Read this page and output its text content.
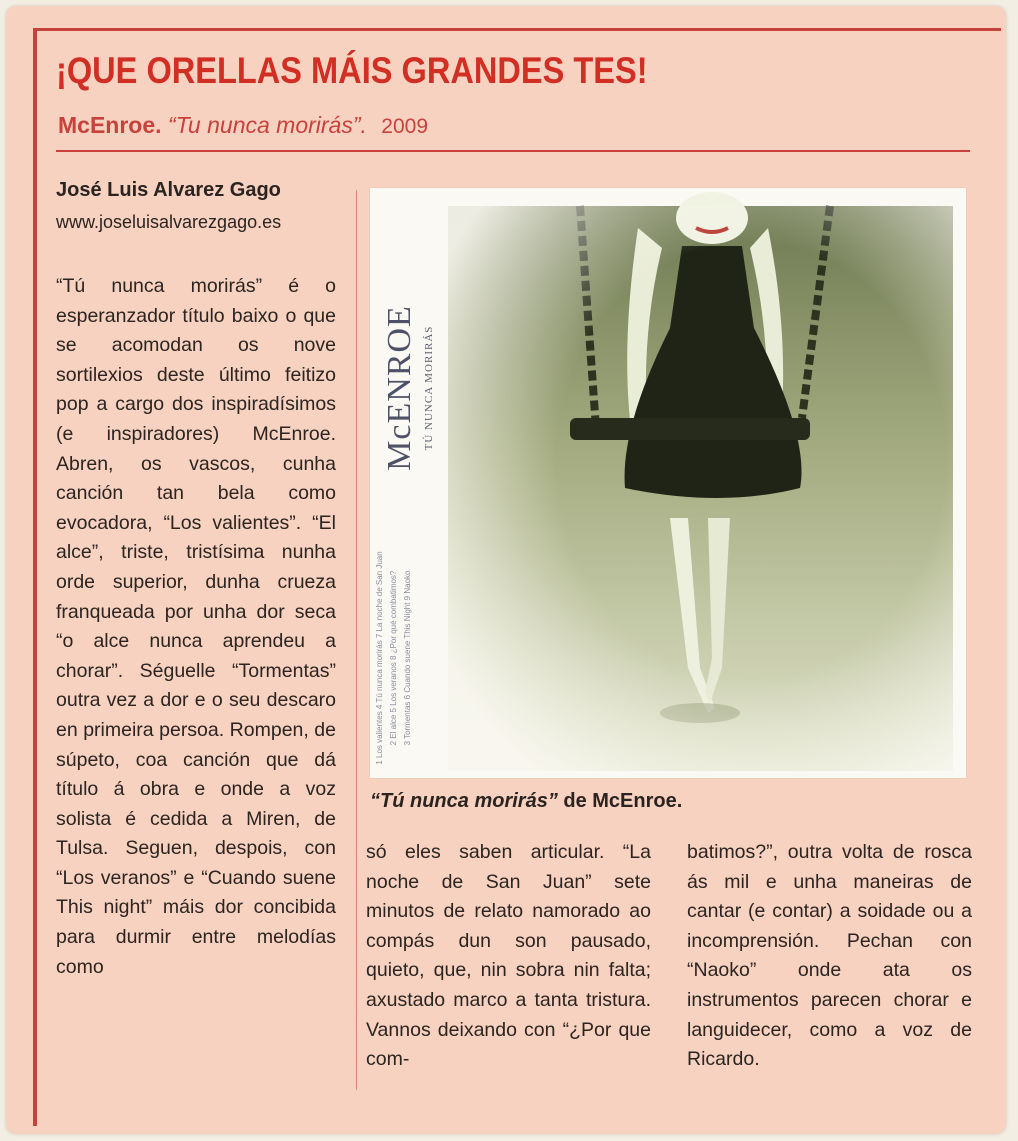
¡QUE ORELLAS MÁIS GRANDES TES!
McEnroe. “Tu nunca morirás”. 2009
José Luis Alvarez Gago
www.joseluisalvarezgago.es

“Tú nunca morirás” é o esperanzador título baixo o que se acomodan os nove sortilexios deste último feitizo pop a cargo dos inspiradísimos (e inspiradores) McEnroe. Abren, os vascos, cunha canción tan bela como evocadora, “Los valientes”. “El alce”, triste, tristísima nunha orde superior, dunha crueza franqueada por unha dor seca “o alce nunca aprendeu a chorar”. Séguelle “Tormentas” outra vez a dor e o seu descaro en primeira persoa. Rompen, de súpeto, coa canción que dá título á obra e onde a voz solista é cedida a Miren, de Tulsa. Seguen, despois, con “Los veranos” e “Cuando suene This night” máis dor concibida para durmir entre melodías como

McENROE TÚ NUNCA MORIRÁS
1 Los valientes 4 Tú nunca morirás 7 La noche de San Juan 2 El alce 5 Los veranos 8 ¿Por qué combatimos? 3 Tormentas 6 Cuando suene This Night 9 Naoko
“Tú nunca morirás” de McEnroe.

só eles saben articular. “La noche de San Juan” sete minutos de relato namorado ao compás dun son pausado, quieto, que, nin sobra nin falta; axustado marco a tanta tristura. Vannos deixando con “¿Por que com-

batimos?”, outra volta de rosca ás mil e unha maneiras de cantar (e contar) a soidade ou a incomprensión. Pechan con “Naoko” onde ata os instrumentos parecen chorar e languidecer, como a voz de Ricardo.
